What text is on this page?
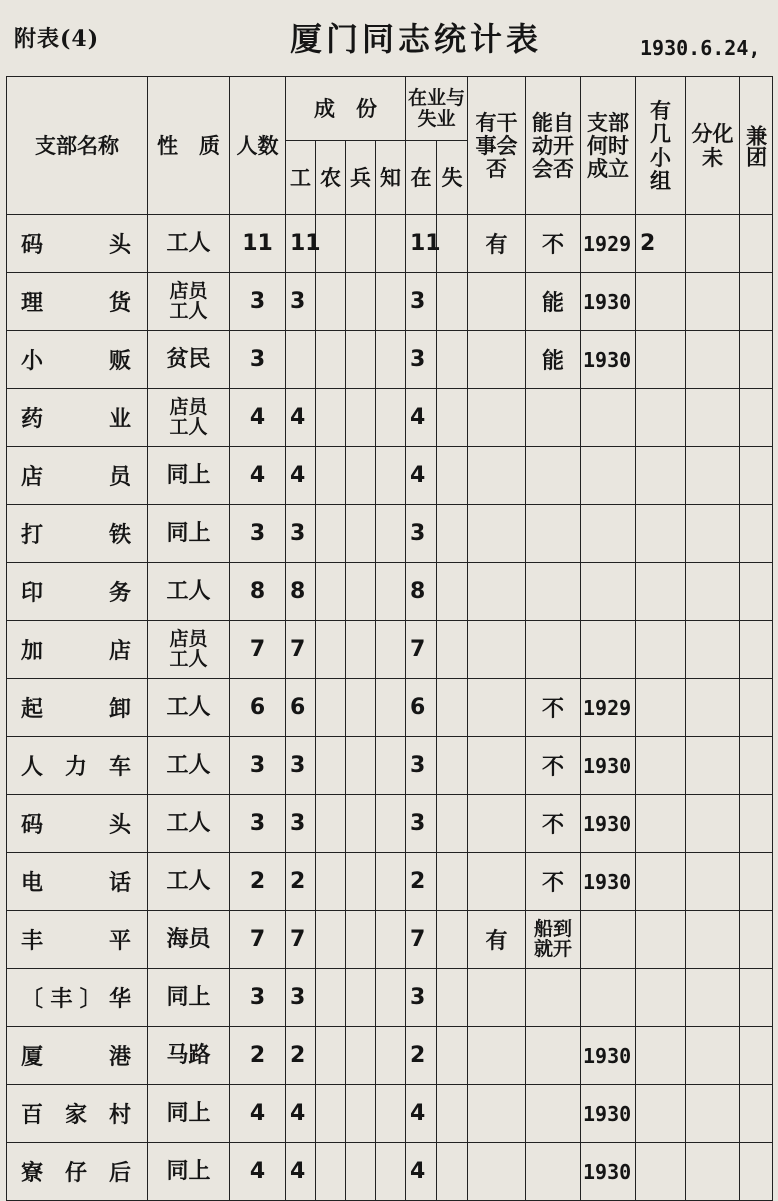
附表(4)	厦门同志统计表	1930.6.24,
支部名称	性　质	人数	成　份				在业与失业		有干事会否	能自动开会否	支部何时成立	有几小组	分化未	兼团
			工	农	兵	知	在	失						
码头	工人	11	11				11		有	不	1929	2		
理货	店员
工人	3	3				3			能	1930			
小贩	贫民	3					3			能	1930			
药业	店员
工人	4	4				4							
店员	同上	4	4				4							
打铁	同上	3	3				3							
印务	工人	8	8				8							
加店	店员
工人	7	7				7							
起卸	工人	6	6				6			不	1929			
人力车	工人	3	3				3			不	1930			
码头	工人	3	3				3			不	1930			
电话	工人	2	2				2			不	1930			
丰平	海员	7	7				7		有	船到
就开				
〔丰〕华	同上	3	3				3							
厦港	马路	2	2				2				1930			
百家村	同上	4	4				4				1930			
寮仔后	同上	4	4				4				1930			
